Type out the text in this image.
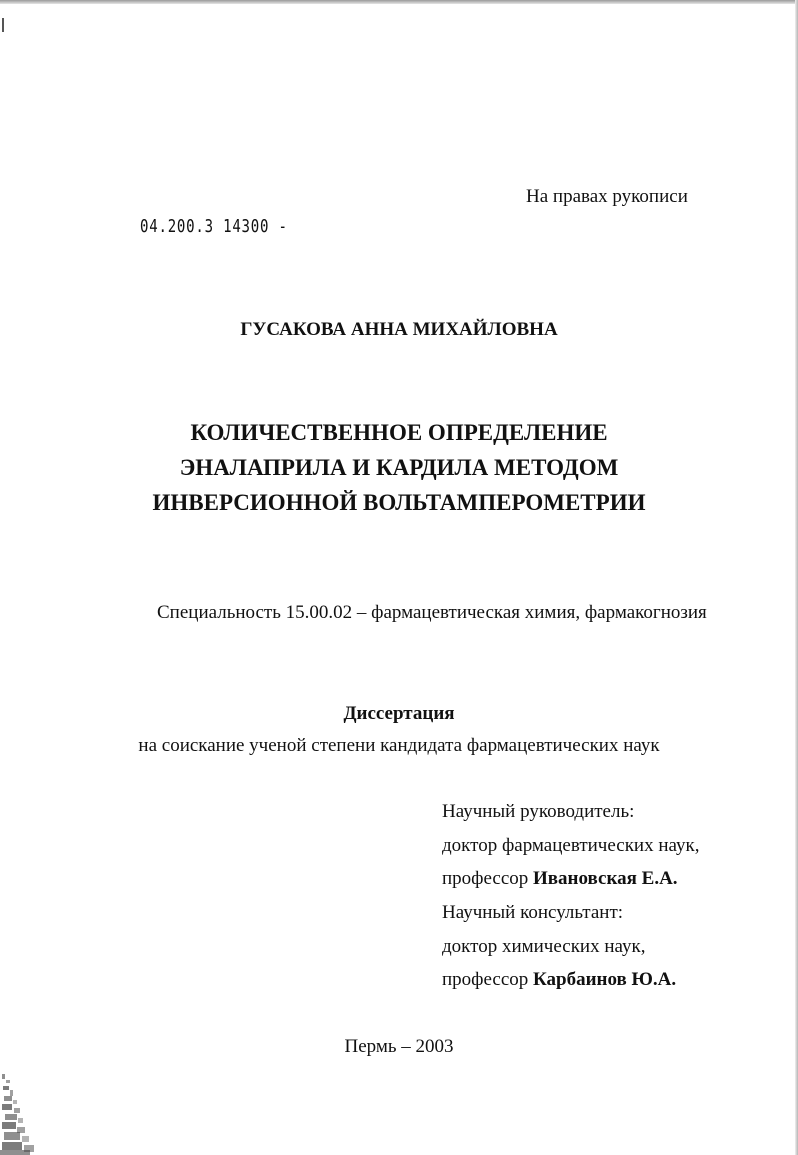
На правах рукописи
04.200.3 14300 -
ГУСАКОВА АННА МИХАЙЛОВНА
КОЛИЧЕСТВЕННОЕ ОПРЕДЕЛЕНИЕ
ЭНАЛАПРИЛА И КАРДИЛА МЕТОДОМ
ИНВЕРСИОННОЙ ВОЛЬТАМПЕРОМЕТРИИ
Специальность 15.00.02 – фармацевтическая химия, фармакогнозия
Диссертация
на соискание ученой степени кандидата фармацевтических наук
Научный руководитель:
доктор фармацевтических наук,
профессор Ивановская Е.А.
Научный консультант:
доктор химических наук,
профессор Карбаинов Ю.А.
Пермь – 2003
